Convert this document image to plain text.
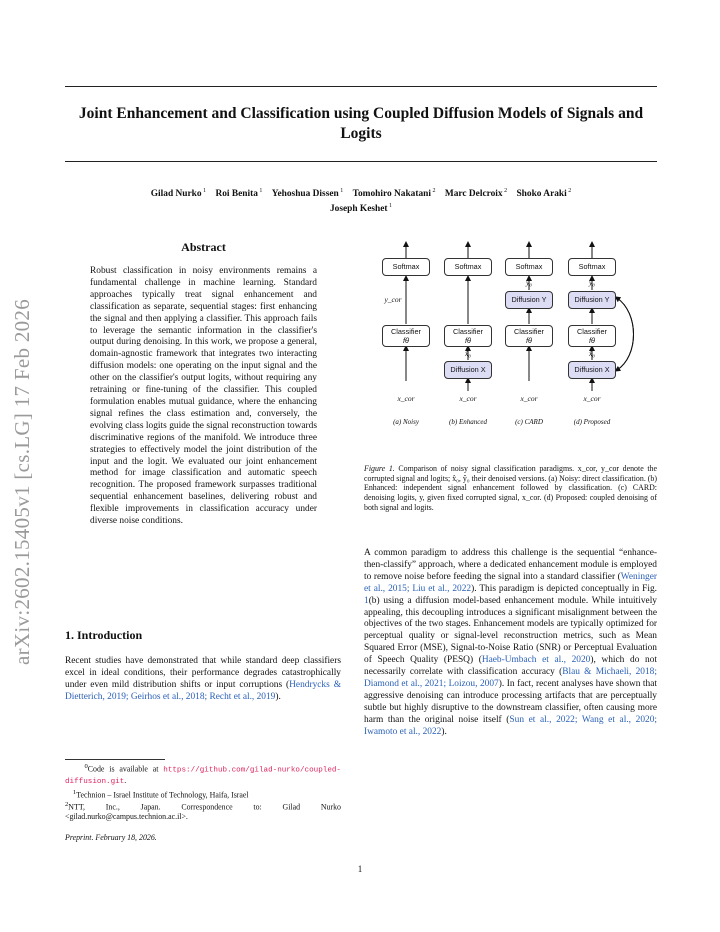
Joint Enhancement and Classification using Coupled Diffusion Models of Signals and Logits
Gilad Nurko $^1$  Roi Benita $^1$  Yehoshua Dissen $^1$  Tomohiro Nakatani $^2$  Marc Delcroix $^2$  Shoko Araki $^2$
Joseph Keshet $^1$
arXiv:2602.15405v1 [cs.LG] 17 Feb 2026
Abstract
Robust classification in noisy environments remains a fundamental challenge in machine learning. Standard approaches typically treat signal enhancement and classification as separate, sequential stages: first enhancing the signal and then applying a classifier. This approach fails to leverage the semantic information in the classifier's output during denoising. In this work, we propose a general, domain-agnostic framework that integrates two interacting diffusion models: one operating on the input signal and the other on the classifier's output logits, without requiring any retraining or fine-tuning of the classifier. This coupled formulation enables mutual guidance, where the enhancing signal refines the class estimation and, conversely, the evolving class logits guide the signal reconstruction towards discriminative regions of the manifold. We introduce three strategies to effectively model the joint distribution of the input and the logit. We evaluated our joint enhancement method for image classification and automatic speech recognition. The proposed framework surpasses traditional sequential enhancement baselines, delivering robust and flexible improvements in classification accuracy under diverse noise conditions.
1. Introduction
Recent studies have demonstrated that while standard deep classifiers excel in ideal conditions, their performance degrades catastrophically under even mild distribution shifts or input corruptions (Hendrycks & Dietterich, 2019; Geirhos et al., 2018; Recht et al., 2019).
$^0$Code is available at https://github.com/gilad-nurko/coupled-diffusion.git.
$^1$Technion – Israel Institute of Technology, Haifa, Israel
$^2$NTT, Inc., Japan. Correspondence to: Gilad Nurko <gilad.nurko@campus.technion.ac.il>.
Preprint. February 18, 2026.
Softmax	Softmax	Softmax	Softmax
Diffusion Y	Diffusion Y
Classifier
fθ
Classifier
fθ
Classifier
fθ
Classifier
fθ
Diffusion X	Diffusion X
y_cor
x̂₀
ŷ₀	ŷ₀
x̂₀
x_cor	x_cor	x_cor	x_cor
(a) Noisy	(b) Enhanced	(c) CARD	(d) Proposed
Figure 1. Comparison of noisy signal classification paradigms. x_cor, y_cor denote the corrupted signal and logits; x̂₀, ŷ₀ their denoised versions. (a) Noisy: direct classification. (b) Enhanced: independent signal enhancement followed by classification. (c) CARD: denoising logits, y, given fixed corrupted signal, x_cor. (d) Proposed: coupled denoising of both signal and logits.
A common paradigm to address this challenge is the sequential “enhance-then-classify” approach, where a dedicated enhancement module is employed to remove noise before feeding the signal into a standard classifier (Weninger et al., 2015; Liu et al., 2022). This paradigm is depicted conceptually in Fig. 1(b) using a diffusion model-based enhancement module. While intuitively appealing, this decoupling introduces a significant misalignment between the objectives of the two stages. Enhancement models are typically optimized for perceptual quality or signal-level reconstruction metrics, such as Mean Squared Error (MSE), Signal-to-Noise Ratio (SNR) or Perceptual Evaluation of Speech Quality (PESQ) (Haeb-Umbach et al., 2020), which do not necessarily correlate with classification accuracy (Blau & Michaeli, 2018; Diamond et al., 2021; Loizou, 2007). In fact, recent analyses have shown that aggressive denoising can introduce processing artifacts that are perceptually subtle but highly disruptive to the downstream classifier, often causing more harm than the original noise itself (Sun et al., 2022; Wang et al., 2020; Iwamoto et al., 2022).
1
